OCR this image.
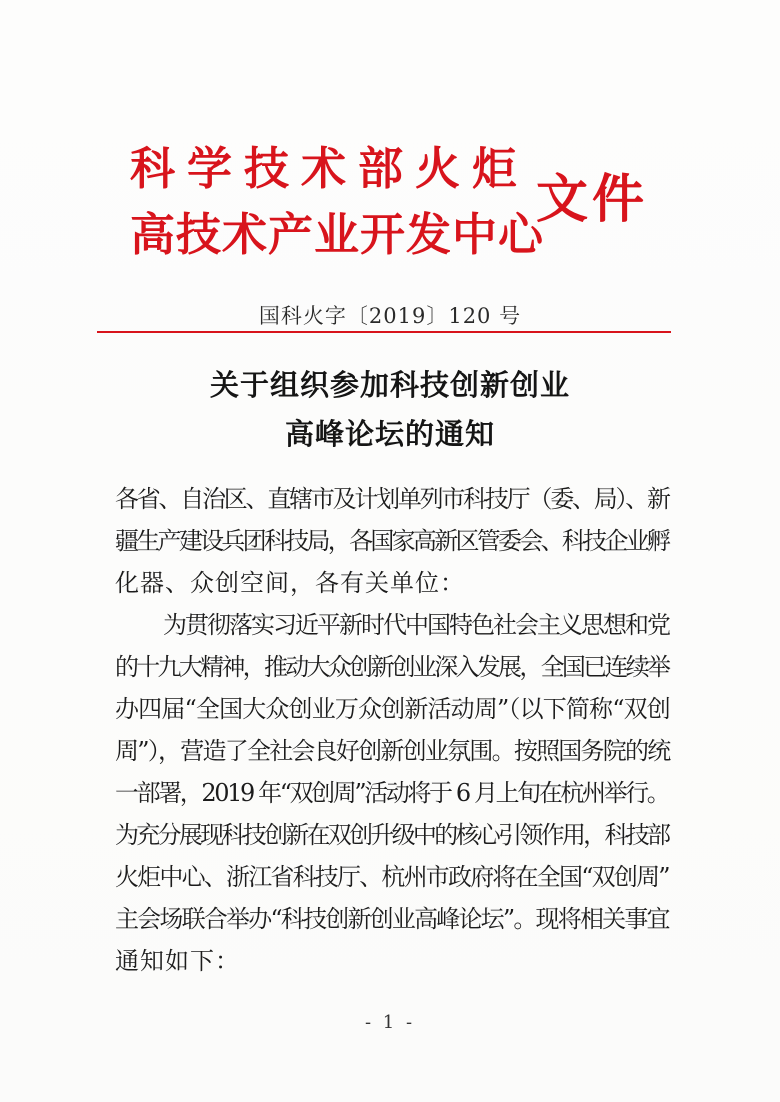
科学技术部火炬
高技术产业开发中心
文件
国科火字〔2019〕120 号
关于组织参加科技创新创业
高峰论坛的通知
各省、自治区、直辖市及计划单列市科技厅（委、局）、新
疆生产建设兵团科技局，各国家高新区管委会、科技企业孵
化器、众创空间，各有关单位：
为贯彻落实习近平新时代中国特色社会主义思想和党
的十九大精神，推动大众创新创业深入发展，全国已连续举
办四届“全国大众创业万众创新活动周”（以下简称“双创
周”），营造了全社会良好创新创业氛围。按照国务院的统
一部署，2019 年“双创周”活动将于 6 月上旬在杭州举行。
为充分展现科技创新在双创升级中的核心引领作用，科技部
火炬中心、浙江省科技厅、杭州市政府将在全国“双创周”
主会场联合举办“科技创新创业高峰论坛”。现将相关事宜
通知如下：
- 1 -
